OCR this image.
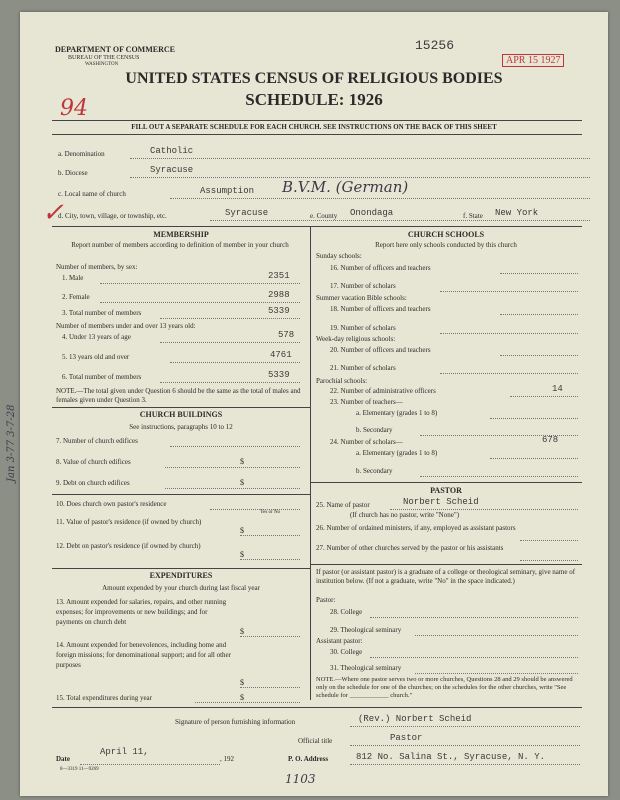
DEPARTMENT OF COMMERCE
BUREAU OF THE CENSUS
WASHINGTON
15256
APR 15 1927
UNITED STATES CENSUS OF RELIGIOUS BODIES
SCHEDULE: 1926
94
FILL OUT A SEPARATE SCHEDULE FOR EACH CHURCH. SEE INSTRUCTIONS ON THE BACK OF THIS SHEET
a. Denomination	Catholic
b. Diocese	Syracuse
c. Local name of church	Assumption B.V.M. (German)
d. City, town, village, or township, etc.	Syracuse	e. County Onondaga	f. State New York
✓
MEMBERSHIP
Report number of members according to definition of member in your church
Number of members, by sex:
1. Male	2351
2. Female	2988
3. Total number of members	5339
Number of members under and over 13 years old:
4. Under 13 years of age	578
5. 13 years old and over	4761
6. Total number of members	5339
NOTE.—The total given under Question 6 should be the same as the total of males and females given under Question 3.
CHURCH BUILDINGS
See instructions, paragraphs 10 to 12
7. Number of church edifices
8. Value of church edifices	$
9. Debt on church edifices	$
10. Does church own pastor's residence
Yes or No
11. Value of pastor's residence (if owned by church)
$
12. Debt on pastor's residence (if owned by church)
$
EXPENDITURES
Amount expended by your church during last fiscal year
13. Amount expended for salaries, repairs, and other running expenses; for improvements or new buildings; and for payments on church debt
$
14. Amount expended for benevolences, including home and foreign missions; for denominational support; and for all other purposes
$
15. Total expenditures during year	$
CHURCH SCHOOLS
Report here only schools conducted by this church
Sunday schools:
16. Number of officers and teachers
17. Number of scholars
Summer vacation Bible schools:
18. Number of officers and teachers
19. Number of scholars
Week-day religious schools:
20. Number of officers and teachers
21. Number of scholars
Parochial schools:
22. Number of administrative officers	14
23. Number of teachers—
a. Elementary (grades 1 to 8)
b. Secondary
24. Number of scholars—	678
a. Elementary (grades 1 to 8)
b. Secondary
PASTOR
25. Name of pastor	Norbert Scheid
(If church has no pastor, write "None")
26. Number of ordained ministers, if any, employed as assistant pastors
27. Number of other churches served by the pastor or his assistants
If pastor (or assistant pastor) is a graduate of a college or theological seminary, give name of institution below. (If not a graduate, write "No" in the space indicated.)
Pastor:
28. College
29. Theological seminary
Assistant pastor:
30. College
31. Theological seminary
NOTE.—Where one pastor serves two or more churches, Questions 28 and 29 should be answered only on the schedule for one of the churches; on the schedules for the other churches, write "See schedule for ____________ church."
Signature of person furnishing information	(Rev.) Norbert Scheid
Official title	Pastor
Date
April 11,
, 192	P. O. Address	812 No. Salina St., Syracuse, N. Y.
8—3319 11—9269
1103
Jan 3-77 3-7-28
